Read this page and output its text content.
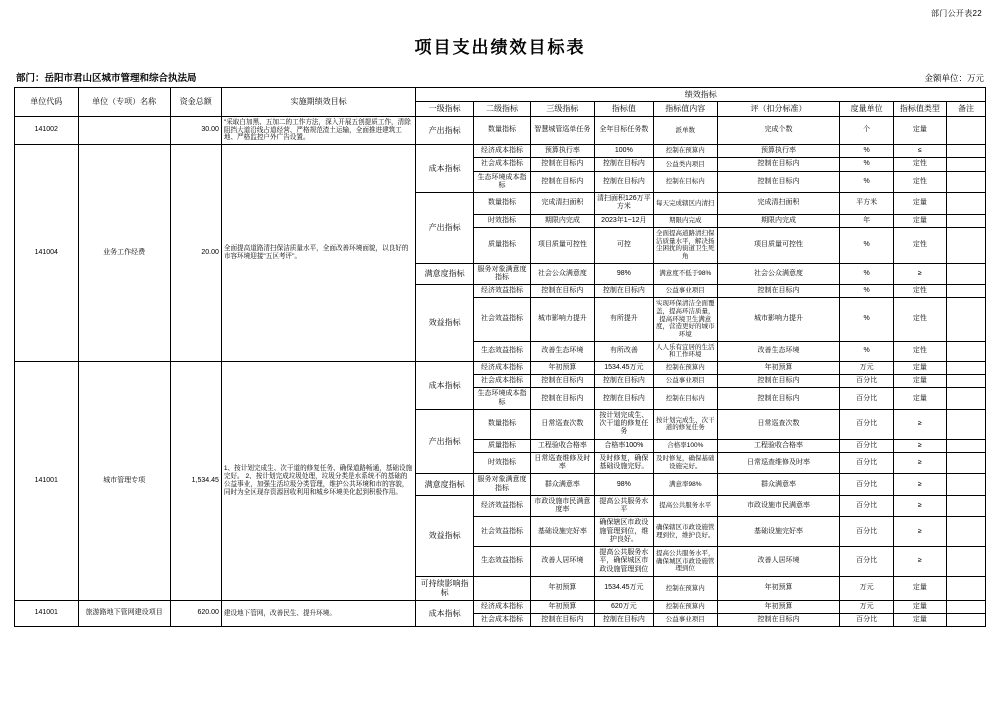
部门公开表22
项目支出绩效目标表
部门：岳阳市君山区城市管理和综合执法局	金额单位：万元
单位代码	单位（专项）名称	资金总额	实施期绩效目标	绩效指标								
				一级指标	二级指标	三级指标	指标值	指标值内容	评（扣分标准）	度量单位	指标值类型	备注

141002		30.00	"采取白加黑、五加二的工作方法，深入开展五创提质工作，清除阻挡大道沿线占道经营、严格规范渣土运输，全面推进建筑工地、严格监控户外广告设置。	产出指标	数量指标	智慧城管巡单任务	全年目标任务数	派单数	完成个数	个	定量	
141004	业务工作经费	20.00	全面提高道路清扫保洁质量水平，全面改善环境面貌，以良好的市容环境迎接"五区考评"。	成本指标	经济成本指标	预算执行率	100%	控制在预算内	预算执行率	%	≤	
					社会成本指标	控制在目标内	控制在目标内	公益类内项目	控制在目标内	%	定性	
					生态环境成本指标	控制在目标内	控制在目标内	控制在目标内	控制在目标内	%	定性	
				产出指标	数量指标	完成清扫面积	清扫面积126万平方米	每天完成辖区内清扫	完成清扫面积	平方米	定量	
					时效指标	期限内完成	2023年1~12月	期限内完成	期限内完成	年	定量	
					质量指标	项目质量可控性	可控	全面提高道路清扫保洁质量水平，解决扬尘困扰的街道卫生死角	项目质量可控性	%	定性	
				满意度指标	服务对象满意度指标	社会公众满意度	98%	满意度不低于98%	社会公众满意度	%	≥	
				效益指标	经济效益指标	控制在目标内	控制在目标内	公益事业项目	控制在目标内	%	定性	
					社会效益指标	城市影响力提升	有所提升	实现环保清洁全面覆盖，提高环洁质量，提高环境卫生满意度，营造更好的城市环境	城市影响力提升	%	定性	
					生态效益指标	改善生态环境	有所改善	人人乐有宜居的生活和工作环境	改善生态环境	%	定性	
141001	城市管理专项	1,534.45	1、按计划完成生、次干道的修复任务、确保道路畅通，基础设施完好。 2、按计划完成垃圾处理，垃圾分类是水系统不的基础的公益事业，加强生活垃圾分类管理，维护公共环境和市的容貌，同时为全区现存资源回收利用和城乡环境美化起到积极作用。	成本指标	经济成本指标	年初预算	1534.45万元	控制在预算内	年初预算	万元	定量	
					社会成本指标	控制在目标内	控制在目标内	公益事业项目	控制在目标内	百分比	定量	
					生态环境成本指标	控制在目标内	控制在目标内	控制在目标内	控制在目标内	百分比	定量	
				产出指标	数量指标	日常巡查次数	按计划完成生、次干道的修复任务	按计划完成生、次干道的修复任务	日常巡查次数	百分比	≥	
					质量指标	工程验收合格率	合格率100%	合格率100%	工程验收合格率	百分比	≥	
					时效指标	日常巡查维修及时率	及时修复，确保基础设施完好。	及时修复，确保基础设施完好。	日常巡查维修及时率	百分比	≥	
				满意度指标	服务对象满意度指标	群众满意率	98%	满意率98%	群众满意率	百分比	≥	
				效益指标	经济效益指标	市政设施市民满意度率	提高公共服务水平	提高公共服务水平	市政设施市民满意率	百分比	≥	
					社会效益指标	基础设施完好率	确保辖区市政设施管理到位，维护良好。	确保辖区市政设施管理到位，维护良好。	基础设施完好率	百分比	≥	
					生态效益指标	改善人居环境	提高公共服务水平，确保城区市政设施管理到位	提高公共服务水平，确保城区市政设施管理到位	改善人居环境	百分比	≥	
				可持续影响指标		年初预算	1534.45万元	控制在预算内	年初预算	万元	定量	
141001	旅游路地下管网建设项目	620.00	建设地下管网，改善民生、提升环境。	成本指标	经济成本指标	年初预算	620万元	控制在预算内	年初预算	万元	定量	
					社会成本指标	控制在目标内	控制在目标内	公益事业项目	控制在目标内	百分比	定量	
